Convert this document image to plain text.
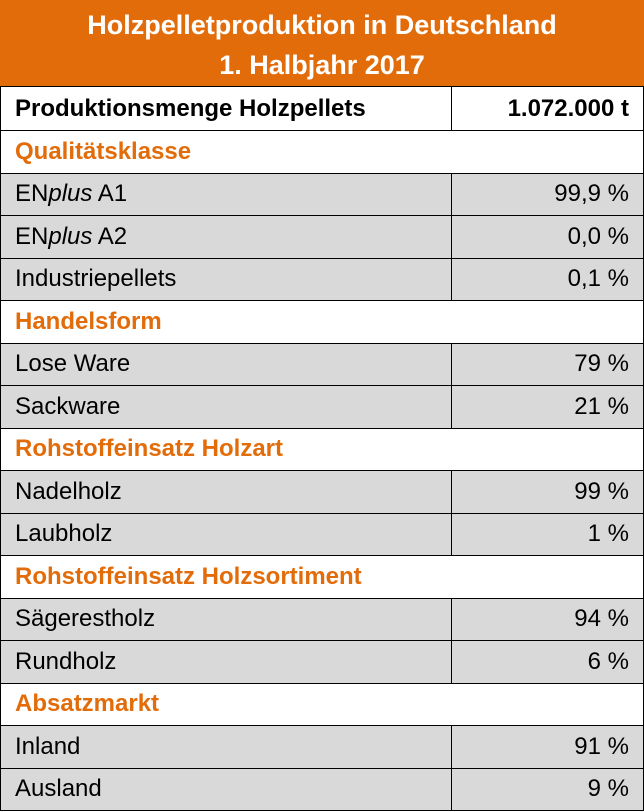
Holzpelletproduktion in Deutschland
1. Halbjahr 2017
Produktionsmenge Holzpellets	1.072.000 t
Qualitätsklasse
EN plus A1	99,9 %
EN plus A2	0,0 %
Industriepellets	0,1 %
Handelsform
Lose Ware	79 %
Sackware	21 %
Rohstoffeinsatz Holzart
Nadelholz	99 %
Laubholz	1 %
Rohstoffeinsatz Holzsortiment
Sägerestholz	94 %
Rundholz	6 %
Absatzmarkt
Inland	91 %
Ausland	9 %
